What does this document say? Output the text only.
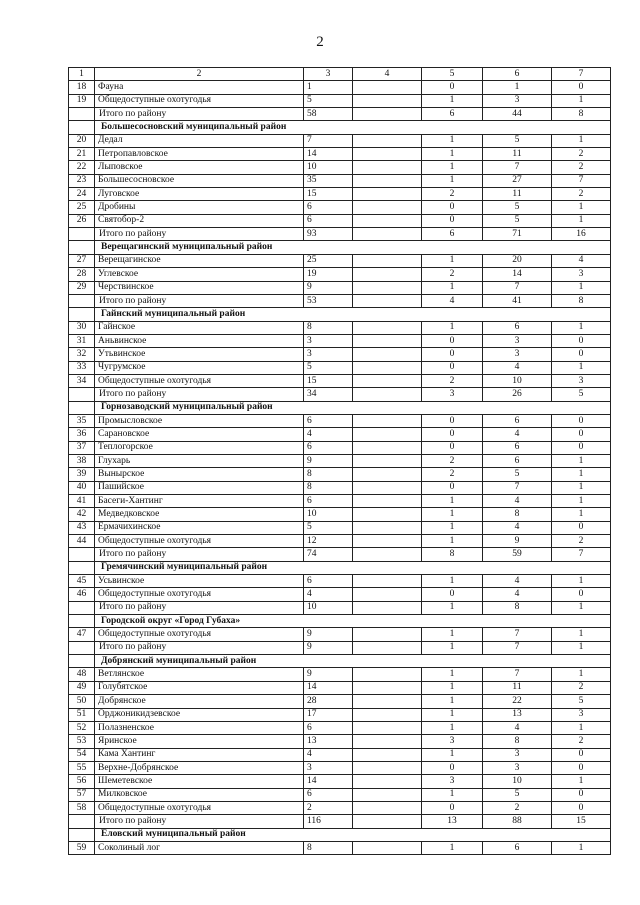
2
1	2	3	4	5	6	7
18	Фауна	1		0	1	0
19	Общедоступные охотугодья	5		1	3	1
	Итого по району	58		6	44	8
	Большесосновский муниципальный район					
20	Дедал	7		1	5	1
21	Петропавловское	14		1	11	2
22	Лыповское	10		1	7	2
23	Большесосновское	35		1	27	7
24	Луговское	15		2	11	2
25	Дробины	6		0	5	1
26	Святобор-2	6		0	5	1
	Итого по району	93		6	71	16
	Верещагинский муниципальный район					
27	Верещагинское	25		1	20	4
28	Углевское	19		2	14	3
29	Черствинское	9		1	7	1
	Итого по району	53		4	41	8
	Гайнский муниципальный район					
30	Гайнское	8		1	6	1
31	Аньвинское	3		0	3	0
32	Утьвинское	3		0	3	0
33	Чугрумское	5		0	4	1
34	Общедоступные охотугодья	15		2	10	3
	Итого по району	34		3	26	5
	Горнозаводский муниципальный район					
35	Промысловское	6		0	6	0
36	Сарановское	4		0	4	0
37	Теплогорское	6		0	6	0
38	Глухарь	9		2	6	1
39	Вынырское	8		2	5	1
40	Пашийское	8		0	7	1
41	Басеги-Хантинг	6		1	4	1
42	Медведковское	10		1	8	1
43	Ермачихинское	5		1	4	0
44	Общедоступные охотугодья	12		1	9	2
	Итого по району	74		8	59	7
	Гремячинский муниципальный район					
45	Усьвинское	6		1	4	1
46	Общедоступные охотугодья	4		0	4	0
	Итого по району	10		1	8	1
	Городской округ «Город Губаха»					
47	Общедоступные охотугодья	9		1	7	1
	Итого по району	9		1	7	1
	Добрянский муниципальный район					
48	Ветлянское	9		1	7	1
49	Голубятское	14		1	11	2
50	Добрянское	28		1	22	5
51	Орджоникидзевское	17		1	13	3
52	Полазненское	6		1	4	1
53	Яринское	13		3	8	2
54	Кама Хантинг	4		1	3	0
55	Верхне-Добрянское	3		0	3	0
56	Шеметевское	14		3	10	1
57	Милковское	6		1	5	0
58	Общедоступные охотугодья	2		0	2	0
	Итого по району	116		13	88	15
	Еловский муниципальный район					
59	Соколиный лог	8		1	6	1
